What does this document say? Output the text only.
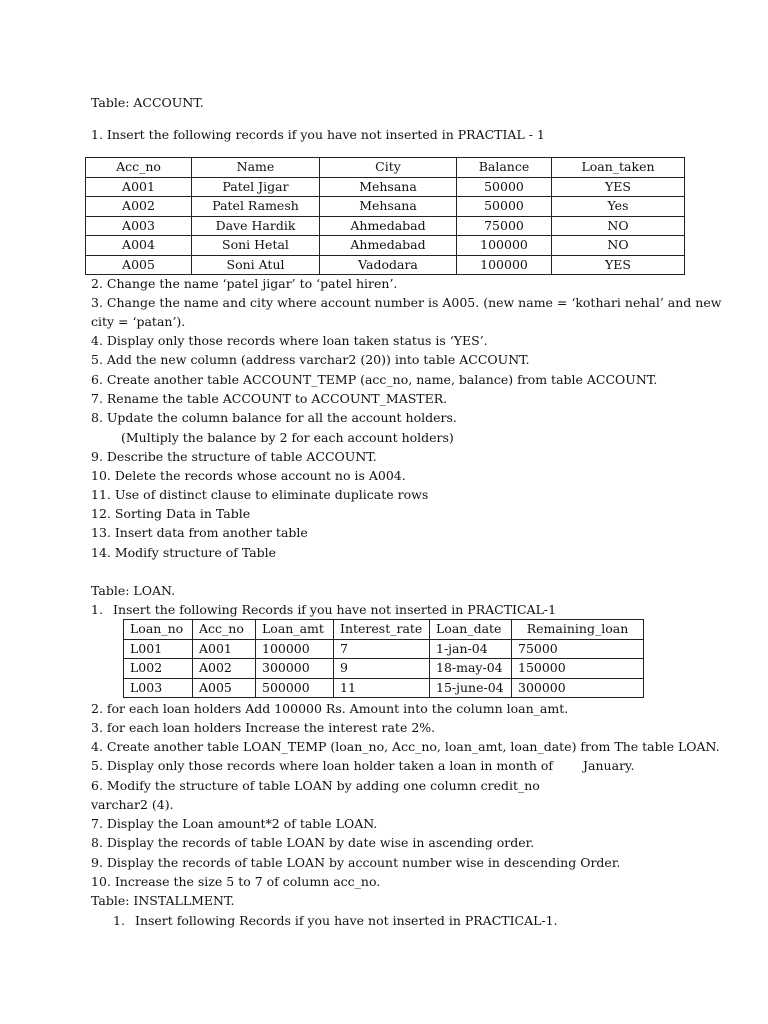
Table: ACCOUNT.
1. Insert the following records if you have not inserted in PRACTIAL - 1
Acc_no	Name	City	Balance	Loan_taken
A001	Patel Jigar	Mehsana	50000	YES
A002	Patel Ramesh	Mehsana	50000	Yes
A003	Dave Hardik	Ahmedabad	75000	NO
A004	Soni Hetal	Ahmedabad	100000	NO
A005	Soni Atul	Vadodara	100000	YES
2. Change the name ‘patel jigar’ to ‘patel hiren’.
3. Change the name and city where account number is A005. (new name = ‘kothari nehal’ and new
city = ‘patan’).
4. Display only those records where loan taken status is ‘YES’.
5. Add the new column (address varchar2 (20)) into table ACCOUNT.
6. Create another table ACCOUNT_TEMP (acc_no, name, balance) from table ACCOUNT.
7. Rename the table ACCOUNT to ACCOUNT_MASTER.
8. Update the column balance for all the account holders.
(Multiply the balance by 2 for each account holders)
9. Describe the structure of table ACCOUNT.
10. Delete the records whose account no is A004.
11. Use of distinct clause to eliminate duplicate rows
12. Sorting Data in Table
13. Insert data from another table
14. Modify structure of Table
Table: LOAN.
1. Insert the following Records if you have not inserted in PRACTICAL-1
Loan_no	Acc_no	Loan_amt	Interest_rate	Loan_date	Remaining_loan
L001	A001	100000	7	1-jan-04	75000
L002	A002	300000	9	18-may-04	150000
L003	A005	500000	11	15-june-04	300000
2. for each loan holders Add 100000 Rs. Amount into the column loan_amt.
3. for each loan holders Increase the interest rate 2%.
4. Create another table LOAN_TEMP (loan_no, Acc_no, loan_amt, loan_date) from The table LOAN.
5. Display only those records where loan holder taken a loan in month of January.
6. Modify the structure of table LOAN by adding one column credit_no
varchar2 (4).
7. Display the Loan amount*2 of table LOAN.
8. Display the records of table LOAN by date wise in ascending order.
9. Display the records of table LOAN by account number wise in descending Order.
10. Increase the size 5 to 7 of column acc_no.
Table: INSTALLMENT.
1. Insert following Records if you have not inserted in PRACTICAL-1.
